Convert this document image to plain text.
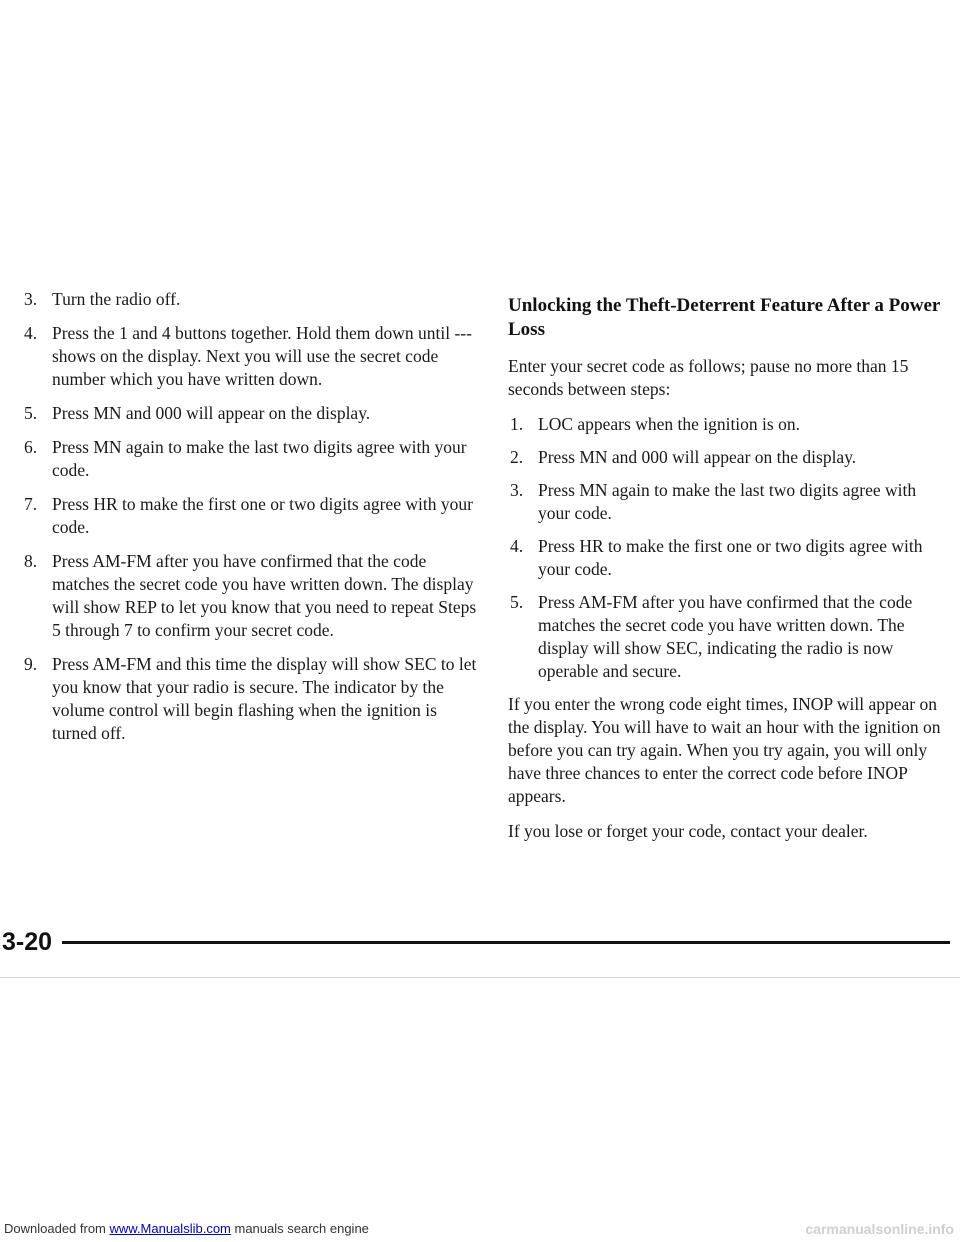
3. Turn the radio off.
4. Press the 1 and 4 buttons together. Hold them down until --- shows on the display. Next you will use the secret code number which you have written down.
5. Press MN and 000 will appear on the display.
6. Press MN again to make the last two digits agree with your code.
7. Press HR to make the first one or two digits agree with your code.
8. Press AM-FM after you have confirmed that the code matches the secret code you have written down. The display will show REP to let you know that you need to repeat Steps 5 through 7 to confirm your secret code.
9. Press AM-FM and this time the display will show SEC to let you know that your radio is secure. The indicator by the volume control will begin flashing when the ignition is turned off.
Unlocking the Theft-Deterrent Feature After a Power Loss

Enter your secret code as follows; pause no more than 15 seconds between steps:

1. LOC appears when the ignition is on.
2. Press MN and 000 will appear on the display.
3. Press MN again to make the last two digits agree with your code.
4. Press HR to make the first one or two digits agree with your code.
5. Press AM-FM after you have confirmed that the code matches the secret code you have written down. The display will show SEC, indicating the radio is now operable and secure.

If you enter the wrong code eight times, INOP will appear on the display. You will have to wait an hour with the ignition on before you can try again. When you try again, you will only have three chances to enter the correct code before INOP appears.

If you lose or forget your code, contact your dealer.

3-20
Downloaded from www.Manualslib.com manuals search engine	carmanualsonline.info
